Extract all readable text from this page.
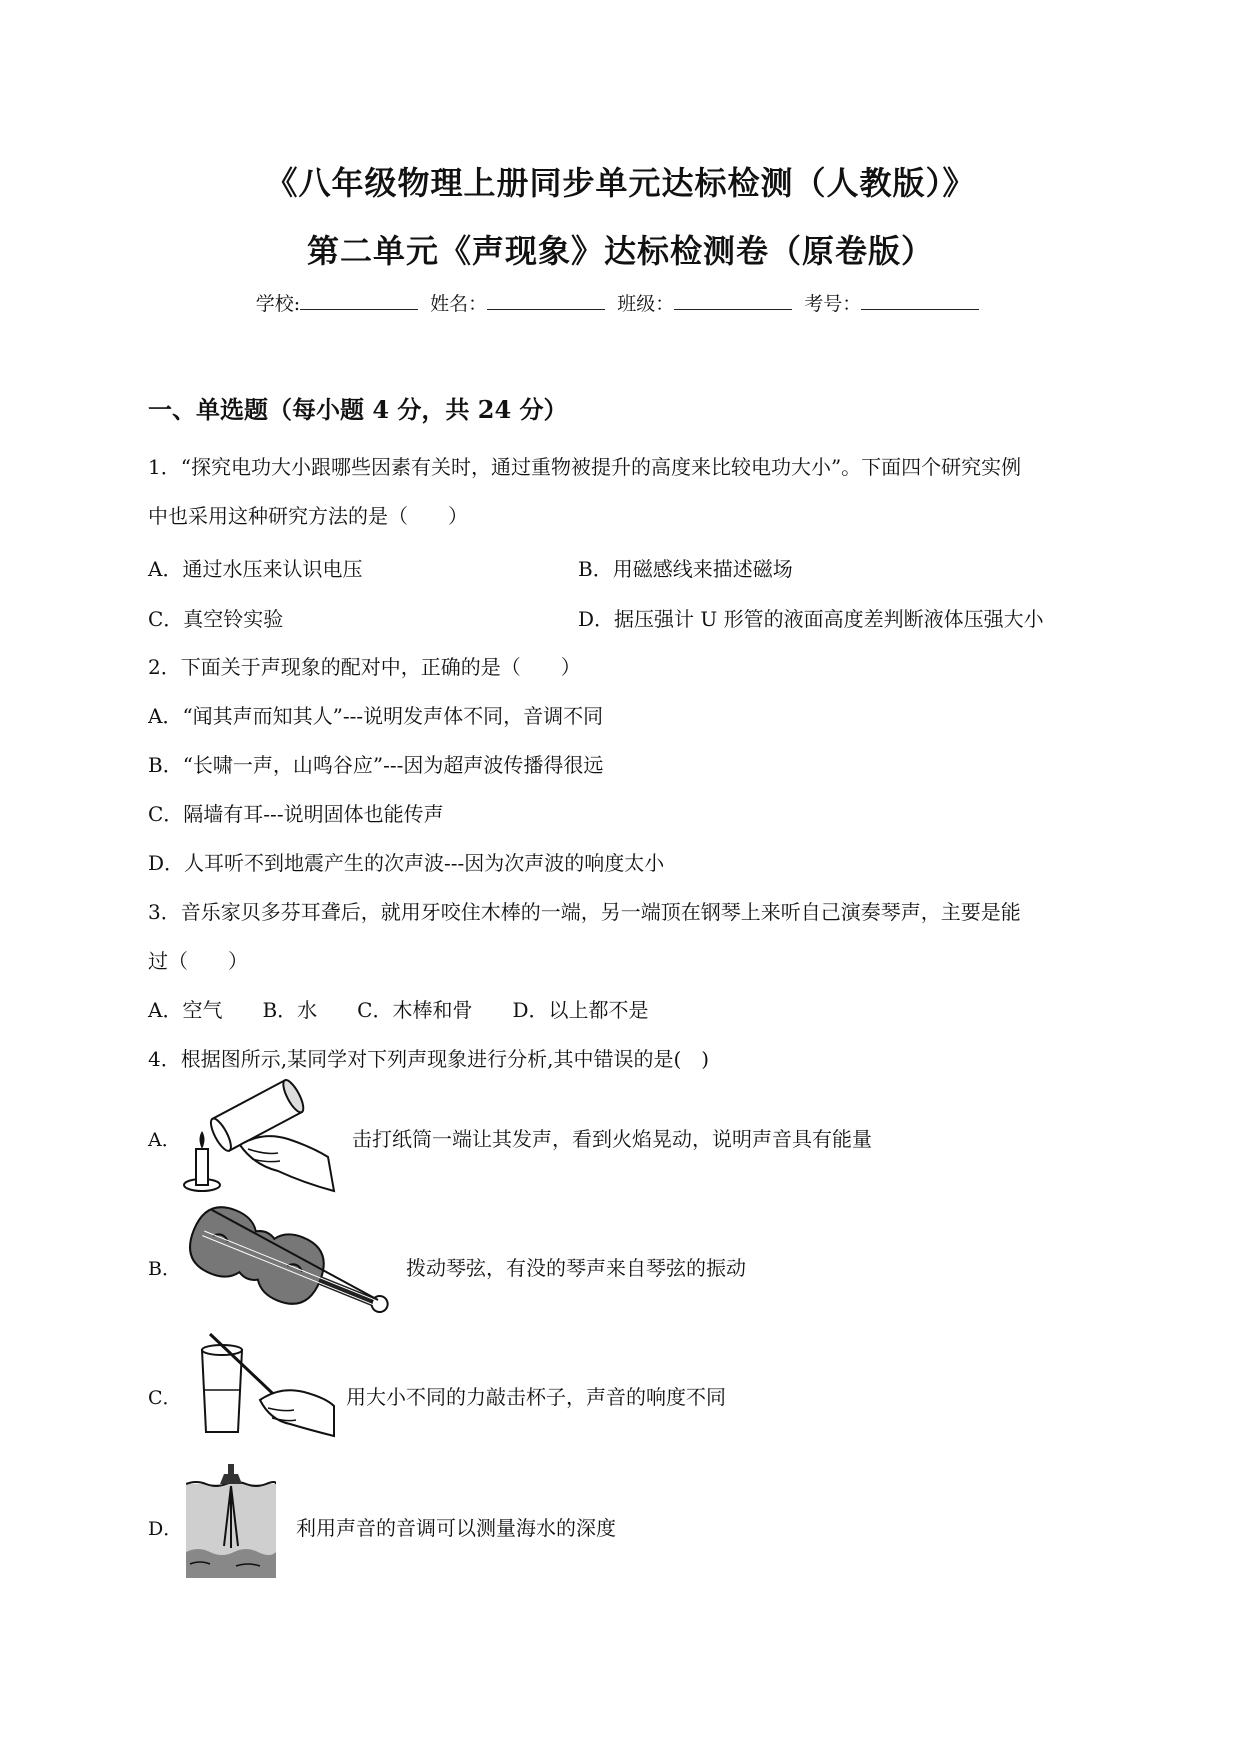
《八年级物理上册同步单元达标检测（人教版）》
第二单元《声现象》达标检测卷（原卷版）
学校:	姓名：	班级：	考号：
一、单选题（每小题 4 分，共 24 分）
1．“探究电功大小跟哪些因素有关时，通过重物被提升的高度来比较电功大小”。下面四个研究实例
中也采用这种研究方法的是（　　）
A．通过水压来认识电压	B．用磁感线来描述磁场
C．真空铃实验	D．据压强计 U 形管的液面高度差判断液体压强大小
2．下面关于声现象的配对中，正确的是（　　）
A．“闻其声而知其人”---说明发声体不同，音调不同
B．“长啸一声，山鸣谷应”---因为超声波传播得很远
C．隔墙有耳---说明固体也能传声
D．人耳听不到地震产生的次声波---因为次声波的响度太小
3．音乐家贝多芬耳聋后，就用牙咬住木棒的一端，另一端顶在钢琴上来听自己演奏琴声，主要是能
过（　　）
A．空气　　B．水　　C．木棒和骨　　D．以上都不是
4．根据图所示,某同学对下列声现象进行分析,其中错误的是(　)
A．	击打纸筒一端让其发声，看到火焰晃动，说明声音具有能量
B．	拨动琴弦，有没的琴声来自琴弦的振动
C．	用大小不同的力敲击杯子，声音的响度不同
D．	利用声音的音调可以测量海水的深度
